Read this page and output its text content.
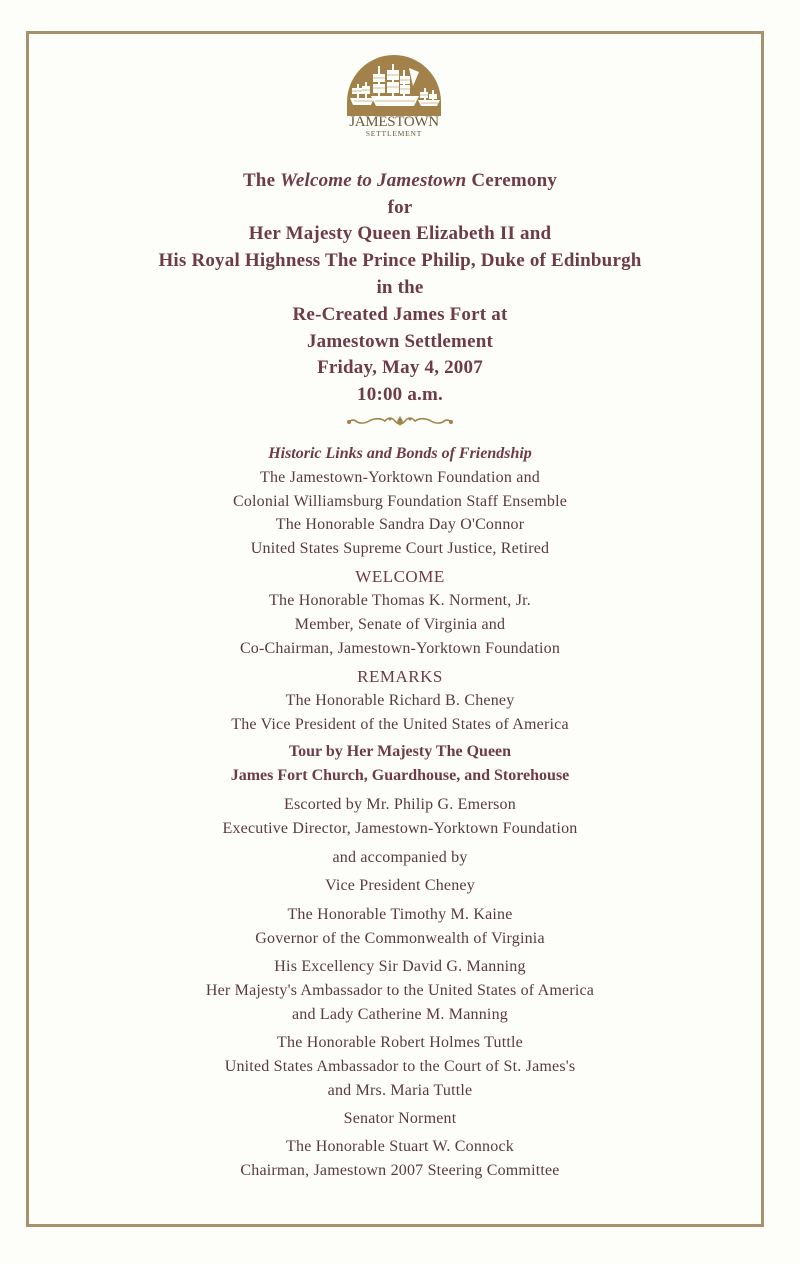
JAMESTOWN
SETTLEMENT
The Welcome to Jamestown Ceremony
for
Her Majesty Queen Elizabeth II and
His Royal Highness The Prince Philip, Duke of Edinburgh
in the
Re-Created James Fort at
Jamestown Settlement
Friday, May 4, 2007
10:00 a.m.
Historic Links and Bonds of Friendship
The Jamestown-Yorktown Foundation and
Colonial Williamsburg Foundation Staff Ensemble
The Honorable Sandra Day O'Connor
United States Supreme Court Justice, Retired
WELCOME
The Honorable Thomas K. Norment, Jr.
Member, Senate of Virginia and
Co-Chairman, Jamestown-Yorktown Foundation
REMARKS
The Honorable Richard B. Cheney
The Vice President of the United States of America
Tour by Her Majesty The Queen
James Fort Church, Guardhouse, and Storehouse
Escorted by Mr. Philip G. Emerson
Executive Director, Jamestown-Yorktown Foundation
and accompanied by
Vice President Cheney
The Honorable Timothy M. Kaine
Governor of the Commonwealth of Virginia
His Excellency Sir David G. Manning
Her Majesty's Ambassador to the United States of America
and Lady Catherine M. Manning
The Honorable Robert Holmes Tuttle
United States Ambassador to the Court of St. James's
and Mrs. Maria Tuttle
Senator Norment
The Honorable Stuart W. Connock
Chairman, Jamestown 2007 Steering Committee
